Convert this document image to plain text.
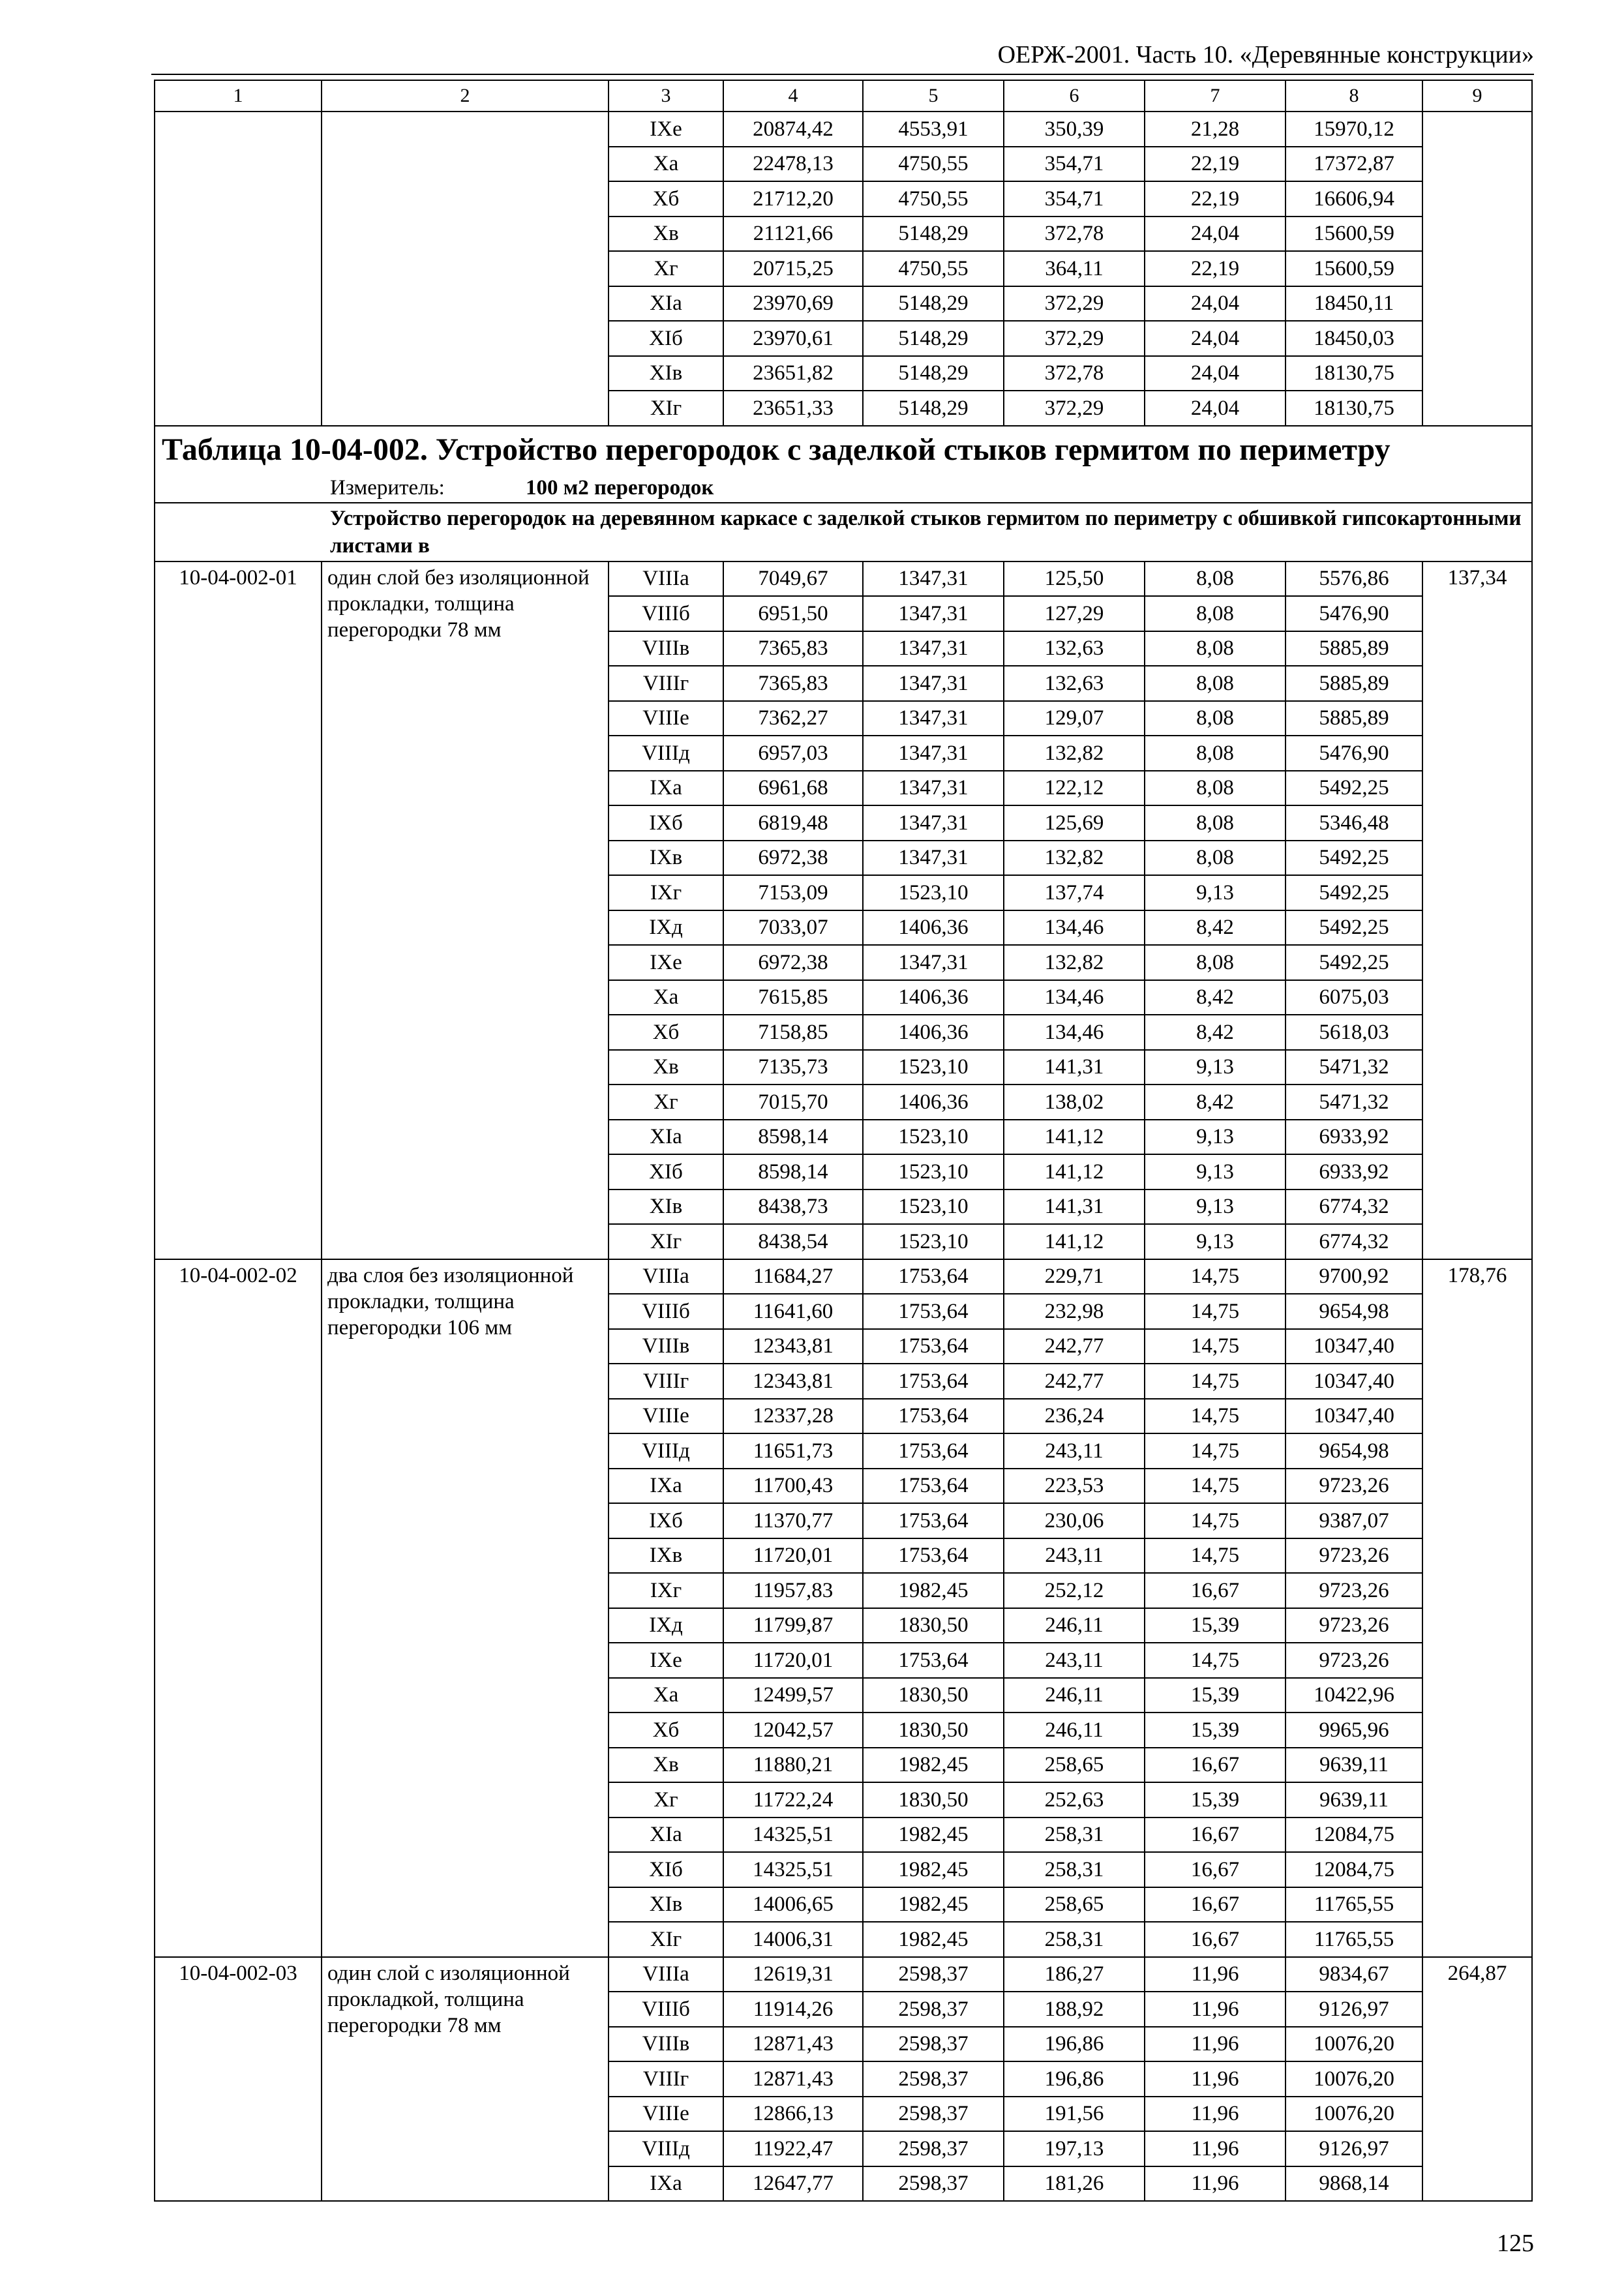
ОЕРЖ-2001. Часть 10. «Деревянные конструкции»
1	2	3	4	5	6	7	8	9
		IXe	20874,42	4553,91	350,39	21,28	15970,12	
		Xa	22478,13	4750,55	354,71	22,19	17372,87	
		Xб	21712,20	4750,55	354,71	22,19	16606,94	
		Xв	21121,66	5148,29	372,78	24,04	15600,59	
		Xг	20715,25	4750,55	364,11	22,19	15600,59	
		XIa	23970,69	5148,29	372,29	24,04	18450,11	
		XIб	23970,61	5148,29	372,29	24,04	18450,03	
		XIв	23651,82	5148,29	372,78	24,04	18130,75	
		XIг	23651,33	5148,29	372,29	24,04	18130,75	
Таблица 10-04-002. Устройство перегородок с заделкой стыков гермитом по периметру								
Измеритель: 100 м2 перегородок								

Устройство перегородок на деревянном каркасе с заделкой стыков гермитом по периметру с обшивкой гипсокартонными листами в								

10-04-002-01	один слой без изоляционной прокладки, толщина перегородки 78 мм	VIIIa	7049,67	1347,31	125,50	8,08	5576,86	137,34
		VIIIб	6951,50	1347,31	127,29	8,08	5476,90	
		VIIIв	7365,83	1347,31	132,63	8,08	5885,89	
		VIIIг	7365,83	1347,31	132,63	8,08	5885,89	
		VIIIe	7362,27	1347,31	129,07	8,08	5885,89	
		VIIIд	6957,03	1347,31	132,82	8,08	5476,90	
		IXa	6961,68	1347,31	122,12	8,08	5492,25	
		IXб	6819,48	1347,31	125,69	8,08	5346,48	
		IXв	6972,38	1347,31	132,82	8,08	5492,25	
		IXг	7153,09	1523,10	137,74	9,13	5492,25	
		IXд	7033,07	1406,36	134,46	8,42	5492,25	
		IXe	6972,38	1347,31	132,82	8,08	5492,25	
		Xa	7615,85	1406,36	134,46	8,42	6075,03	
		Xб	7158,85	1406,36	134,46	8,42	5618,03	
		Xв	7135,73	1523,10	141,31	9,13	5471,32	
		Xг	7015,70	1406,36	138,02	8,42	5471,32	
		XIa	8598,14	1523,10	141,12	9,13	6933,92	
		XIб	8598,14	1523,10	141,12	9,13	6933,92	
		XIв	8438,73	1523,10	141,31	9,13	6774,32	
		XIг	8438,54	1523,10	141,12	9,13	6774,32	
10-04-002-02	два слоя без изоляционной прокладки, толщина перегородки 106 мм	VIIIa	11684,27	1753,64	229,71	14,75	9700,92	178,76
		VIIIб	11641,60	1753,64	232,98	14,75	9654,98	
		VIIIв	12343,81	1753,64	242,77	14,75	10347,40	
		VIIIг	12343,81	1753,64	242,77	14,75	10347,40	
		VIIIe	12337,28	1753,64	236,24	14,75	10347,40	
		VIIIд	11651,73	1753,64	243,11	14,75	9654,98	
		IXa	11700,43	1753,64	223,53	14,75	9723,26	
		IXб	11370,77	1753,64	230,06	14,75	9387,07	
		IXв	11720,01	1753,64	243,11	14,75	9723,26	
		IXг	11957,83	1982,45	252,12	16,67	9723,26	
		IXд	11799,87	1830,50	246,11	15,39	9723,26	
		IXe	11720,01	1753,64	243,11	14,75	9723,26	
		Xa	12499,57	1830,50	246,11	15,39	10422,96	
		Xб	12042,57	1830,50	246,11	15,39	9965,96	
		Xв	11880,21	1982,45	258,65	16,67	9639,11	
		Xг	11722,24	1830,50	252,63	15,39	9639,11	
		XIa	14325,51	1982,45	258,31	16,67	12084,75	
		XIб	14325,51	1982,45	258,31	16,67	12084,75	
		XIв	14006,65	1982,45	258,65	16,67	11765,55	
		XIг	14006,31	1982,45	258,31	16,67	11765,55	
10-04-002-03	один слой с изоляционной прокладкой, толщина перегородки 78 мм	VIIIa	12619,31	2598,37	186,27	11,96	9834,67	264,87
		VIIIб	11914,26	2598,37	188,92	11,96	9126,97	
		VIIIв	12871,43	2598,37	196,86	11,96	10076,20	
		VIIIг	12871,43	2598,37	196,86	11,96	10076,20	
		VIIIe	12866,13	2598,37	191,56	11,96	10076,20	
		VIIIд	11922,47	2598,37	197,13	11,96	9126,97	
		IXa	12647,77	2598,37	181,26	11,96	9868,14	
125
